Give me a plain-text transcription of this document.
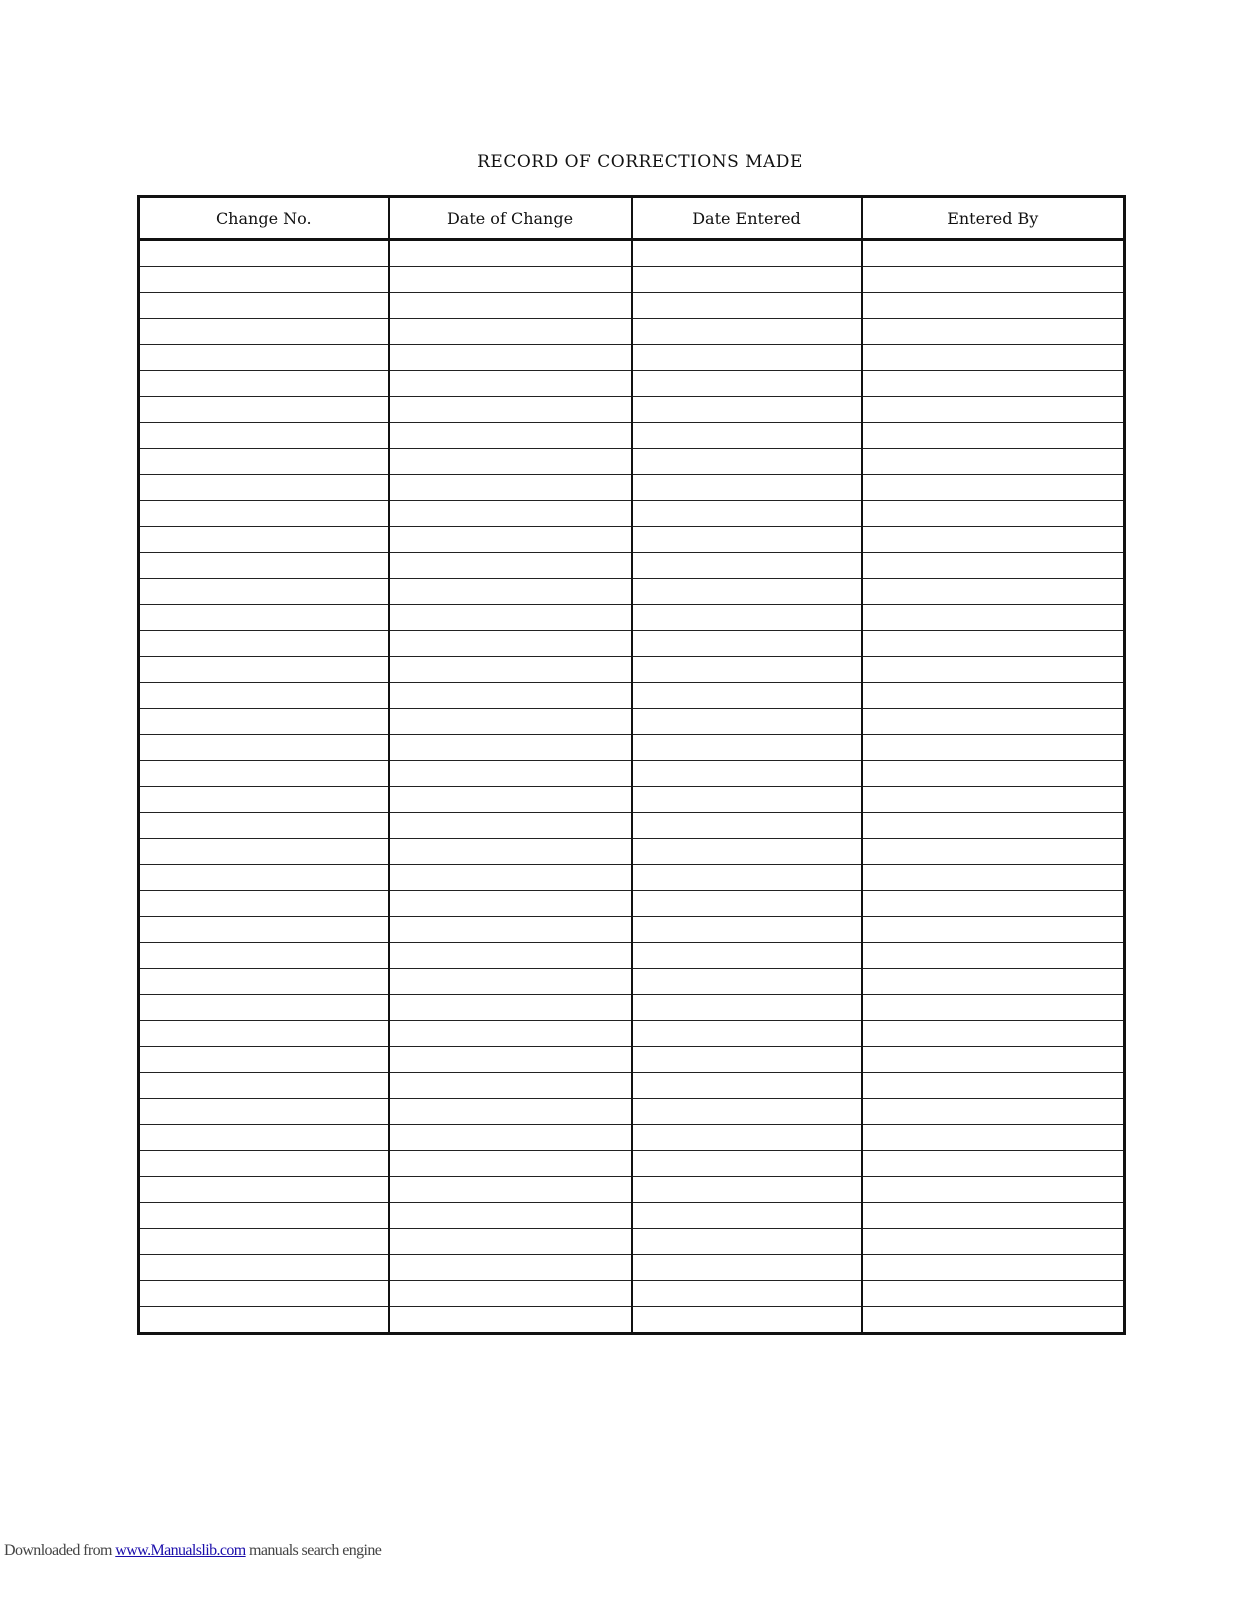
RECORD OF CORRECTIONS MADE
Change No.	Date of Change	Date Entered	Entered By

Downloaded from www.Manualslib.com manuals search engine
